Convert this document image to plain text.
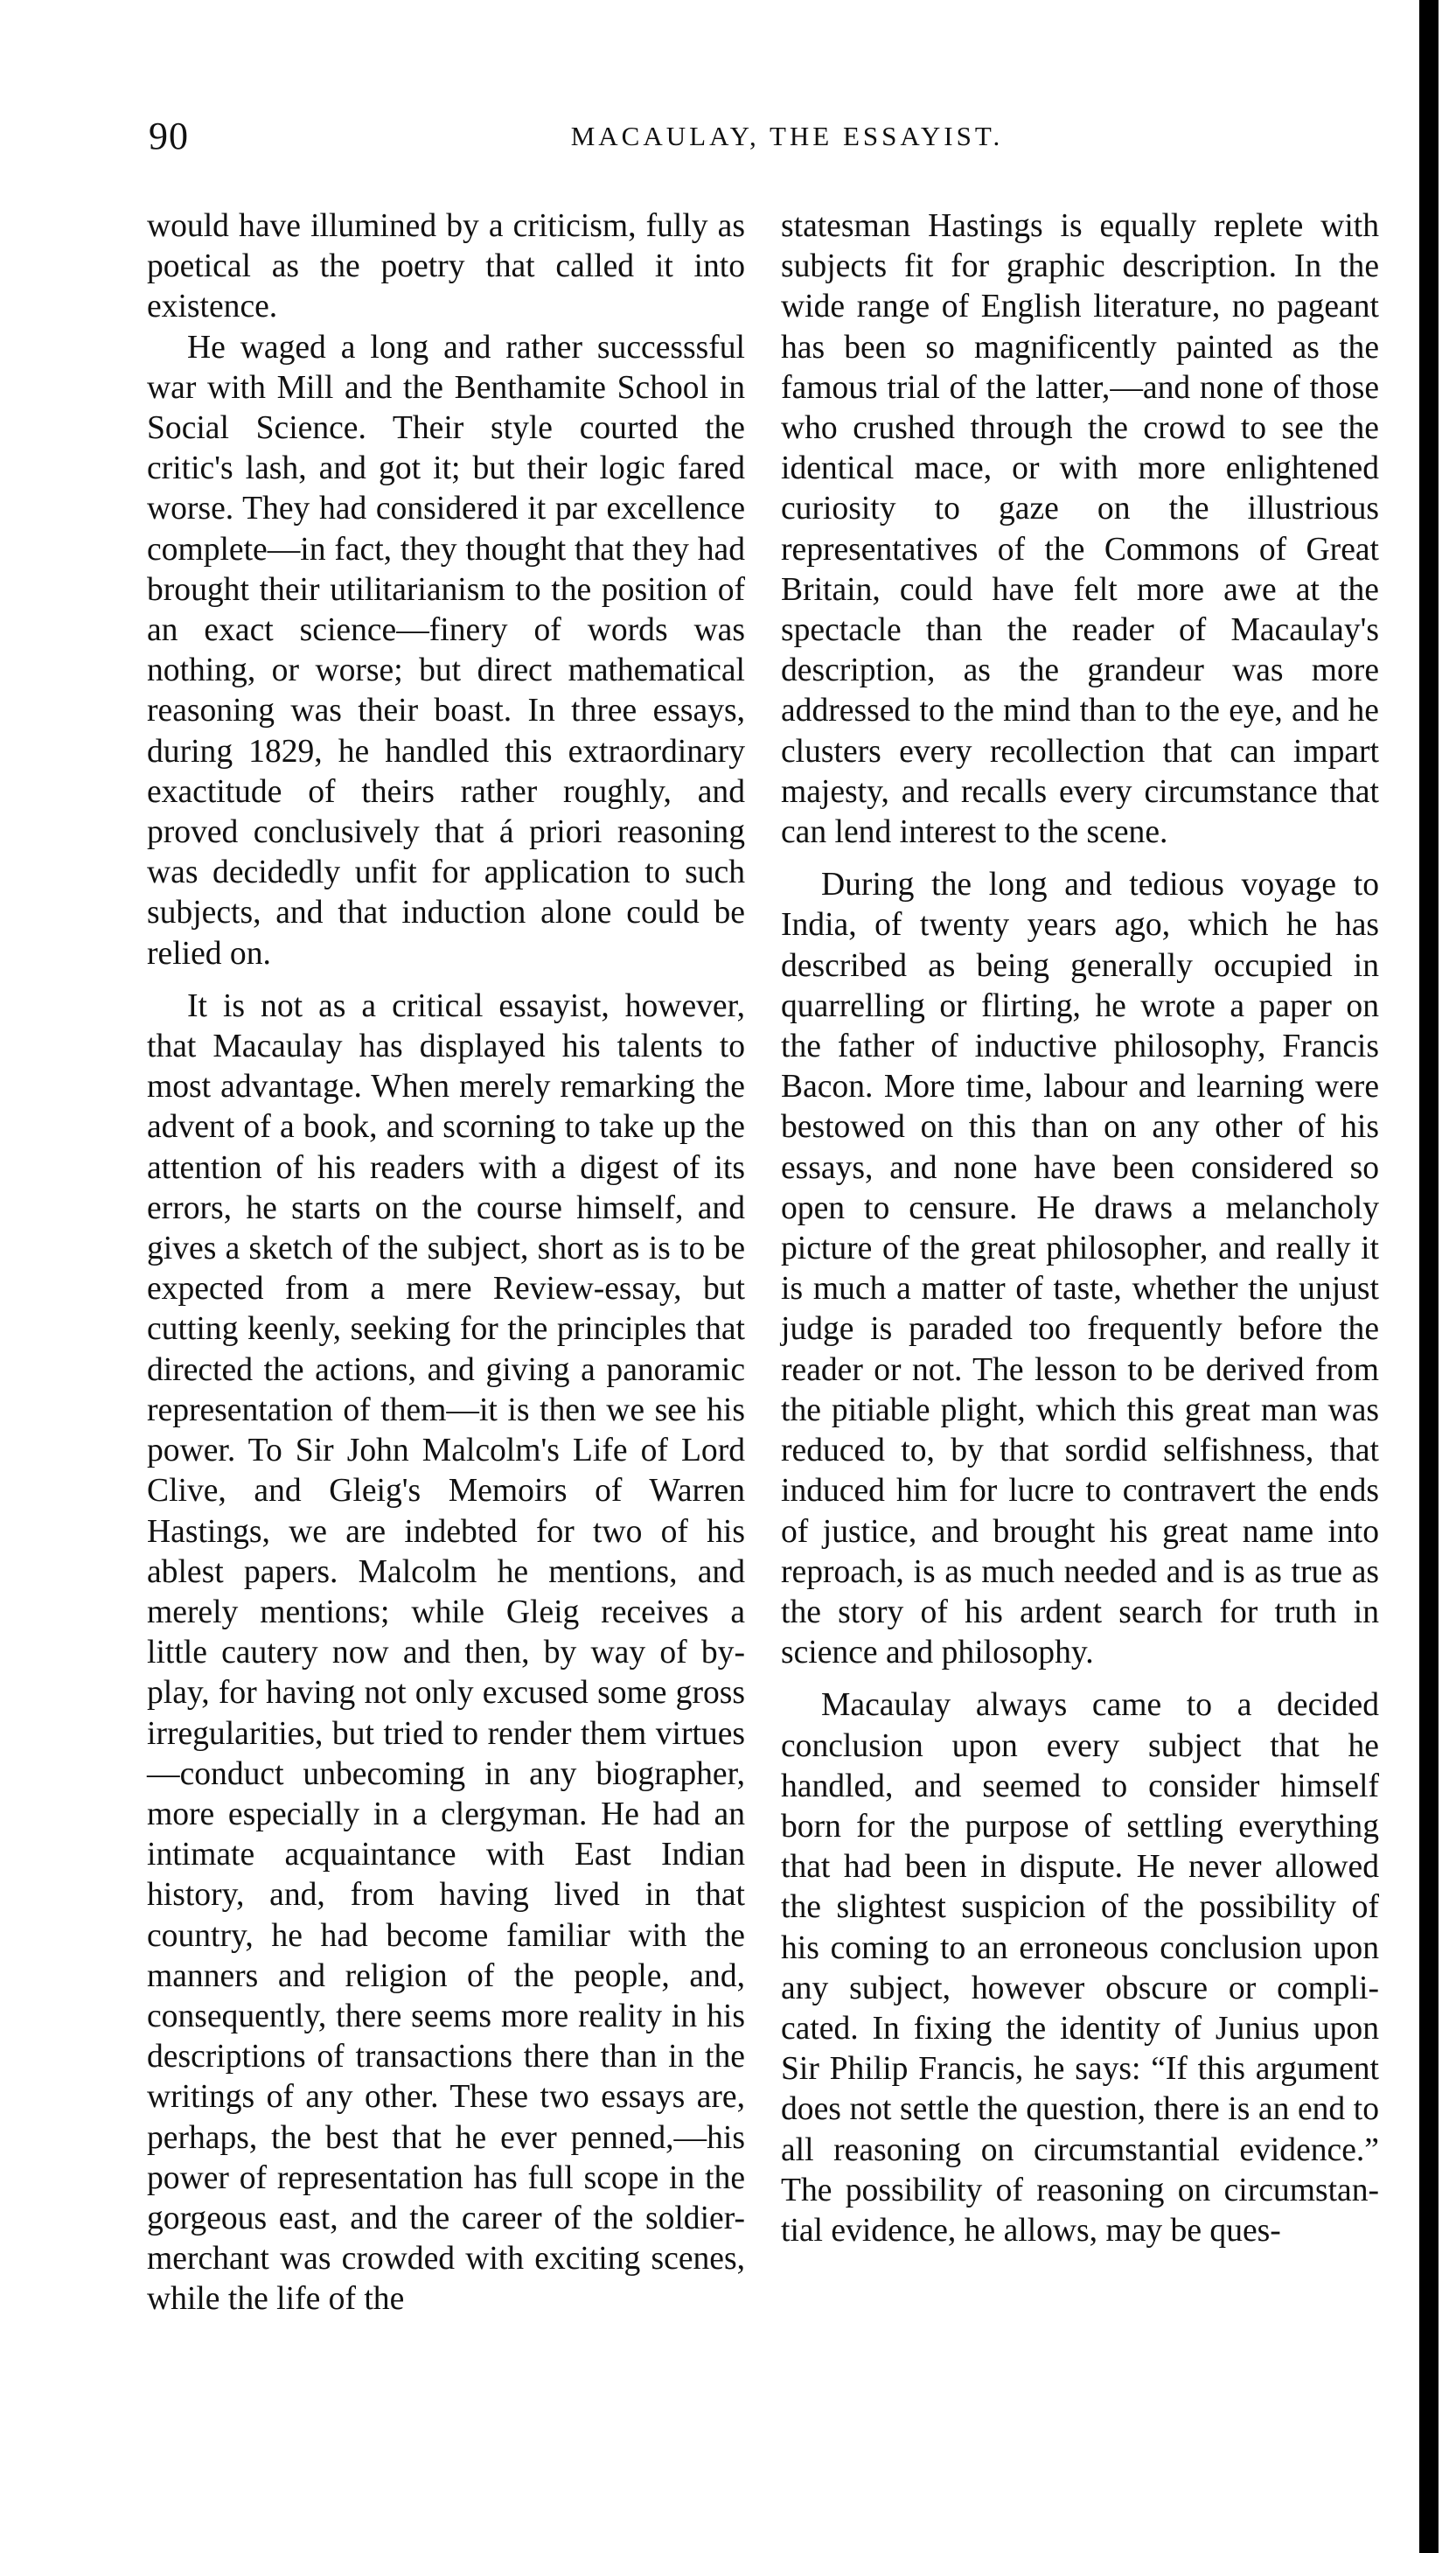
90	MACAULAY, THE ESSAYIST.

would have illumined by a criticism, fully as poetical as the poetry that called it into existence.

He waged a long and rather successsful war with Mill and the Benthamite School in Social Science. Their style courted the critic's lash, and got it; but their logic fared worse. They had considered it par excellence complete—in fact, they thought that they had brought their utilitarianism to the position of an exact science—finery of words was nothing, or worse; but direct mathematical reasoning was their boast. In three essays, during 1829, he handled this extraordinary exactitude of theirs rather roughly, and proved conclusively that á priori reasoning was decidedly unfit for application to such subjects, and that induction alone could be relied on.

It is not as a critical essayist, however, that Macaulay has displayed his talents to most advantage. When merely remarking the advent of a book, and scorning to take up the attention of his readers with a digest of its errors, he starts on the course himself, and gives a sketch of the subject, short as is to be expected from a mere Review-essay, but cutting keenly, seeking for the principles that directed the actions, and giving a panoramic representation of them—it is then we see his power. To Sir John Malcolm's Life of Lord Clive, and Gleig's Memoirs of Warren Hastings, we are indebted for two of his ablest papers. Malcolm he mentions, and merely mentions; while Gleig receives a little cautery now and then, by way of byplay, for having not only excused some gross irregularities, but tried to render them virtues—conduct unbecoming in any biographer, more especially in a clergyman. He had an intimate acquaintance with East Indian history, and, from having lived in that country, he had become familiar with the manners and religion of the people, and, consequently, there seems more reality in his descriptions of transactions there than in the writings of any other. These two essays are, perhaps, the best that he ever penned,—his power of representation has full scope in the gorgeous east, and the career of the soldier-merchant was crowded with exciting scenes, while the life of the

statesman Hastings is equally replete with subjects fit for graphic description. In the wide range of English literature, no pageant has been so magnificently painted as the famous trial of the latter,—and none of those who crushed through the crowd to see the identical mace, or with more enlightened curiosity to gaze on the illustrious representatives of the Commons of Great Britain, could have felt more awe at the spectacle than the reader of Macaulay's description, as the grandeur was more addressed to the mind than to the eye, and he clusters every recollection that can impart majesty, and recalls every circumstance that can lend interest to the scene.

During the long and tedious voyage to India, of twenty years ago, which he has described as being generally occupied in quarrelling or flirting, he wrote a paper on the father of inductive philosophy, Francis Bacon. More time, labour and learning were bestowed on this than on any other of his essays, and none have been considered so open to censure. He draws a melancholy picture of the great philosopher, and really it is much a matter of taste, whether the unjust judge is paraded too frequently before the reader or not. The lesson to be derived from the pitiable plight, which this great man was reduced to, by that sordid selfishness, that induced him for lucre to contravert the ends of justice, and brought his great name into reproach, is as much needed and is as true as the story of his ardent search for truth in science and philosophy.

Macaulay always came to a decided conclusion upon every subject that he handled, and seemed to consider himself born for the purpose of settling everything that had been in dispute. He never allowed the slightest suspicion of the possibility of his coming to an erroneous conclusion upon any subject, however obscure or complicated. In fixing the identity of Junius upon Sir Philip Francis, he says: “If this argument does not settle the question, there is an end to all reasoning on circumstantial evidence.” The possibility of reasoning on circumstantial evidence, he allows, may be ques-
